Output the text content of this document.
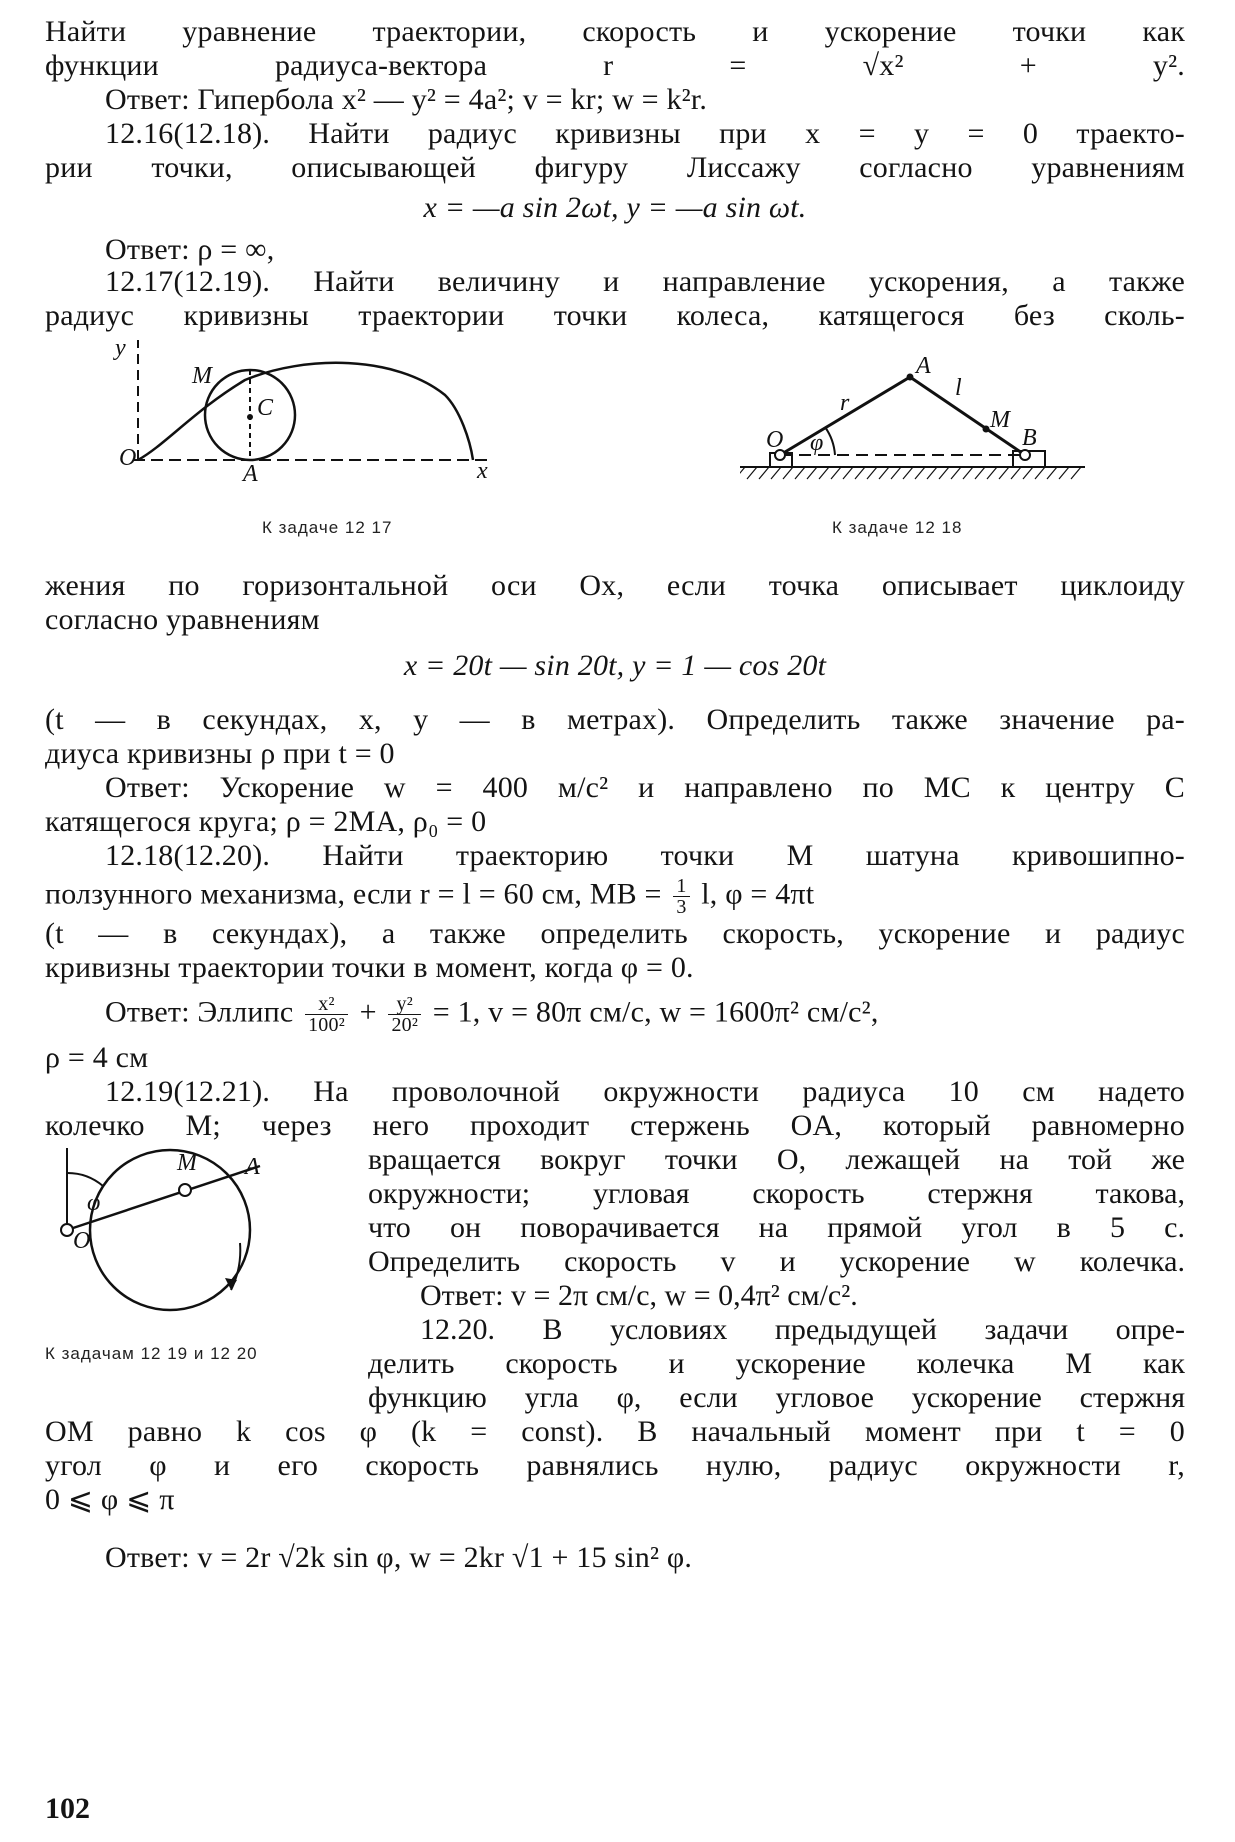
Найти уравнение траектории, скорость и ускорение точки как
функции радиуса-вектора r = √x² + y².
Ответ: Гипербола x² — y² = 4a²; v = kr; w = k²r.
12.16(12.18). Найти радиус кривизны при x = y = 0 траекто-
рии точки, описывающей фигуру Лиссажу согласно уравнениям
x = —a sin 2ωt, y = —a sin ωt.
Ответ: ρ = ∞,
12.17(12.19). Найти величину и направление ускорения, а также
радиус кривизны траектории точки колеса, катящегося без сколь-
y
M
C
O
A	x
A
r
l
M
O φ	B
К задаче 12 17	К задаче 12 18
жения по горизонтальной оси Ox, если точка описывает циклоиду
согласно уравнениям
x = 20t — sin 20t, y = 1 — cos 20t
(t — в секундах, x, y — в метрах). Определить также значение ра-
диуса кривизны ρ при t = 0
Ответ: Ускорение w = 400 м/с² и направлено по MC к центру C
катящегося круга; ρ = 2MA, ρ₀ = 0
12.18(12.20). Найти траекторию точки M шатуна кривошипно-
ползунного механизма, если r = l = 60 см, MB = $\frac{1}{3} l$, φ = 4πt
(t — в секундах), а также определить скорость, ускорение и радиус
кривизны траектории точки в момент, когда φ = 0.
Ответ: Эллипс $\frac{\text{x²}}{\text{100²}} + \frac{\text{y²}}{\text{20²}} = 1$, v = 80π см/с, w = 1600π² см/с²,
ρ = 4 см
12.19(12.21). На проволочной окружности радиуса 10 см надето
колечко M; через него проходит стержень OA, который равномерно
M A
O
φ
вращается вокруг точки O, лежащей на той же
окружности; угловая скорость стержня такова,
что он поворачивается на прямой угол в 5 с.
Определить скорость v и ускорение w колечка.
Ответ: v = 2π см/с, w = 0,4π² см/с².
12.20. В условиях предыдущей задачи опре-
делить скорость и ускорение колечка M как
функцию угла φ, если угловое ускорение стержня
К задачам 12 19 и 12 20
OM равно k cos φ (k = const). В начальный момент при t = 0
угол φ и его скорость равнялись нулю, радиус окружности r,
0 ⩽ φ ⩽ π
Ответ: v = 2r √2k sin φ, w = 2kr √1 + 15 sin² φ.
102
